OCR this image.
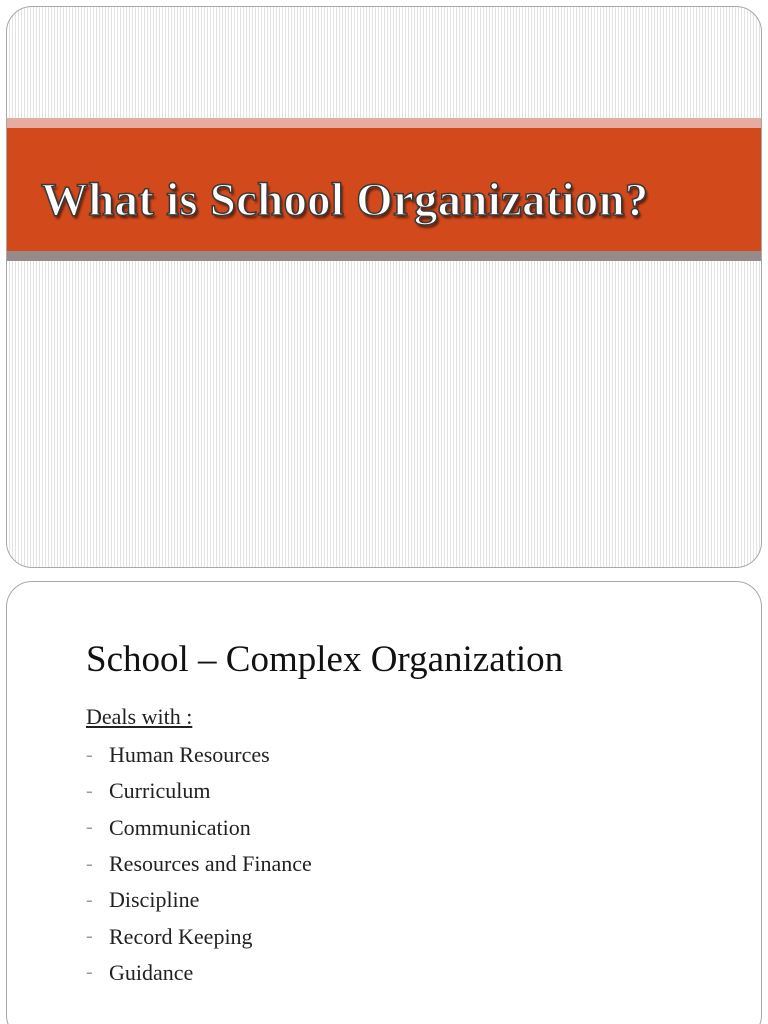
What is School Organization?
School – Complex Organization

Deals with :

- Human Resources
- Curriculum
- Communication
- Resources and Finance
- Discipline
- Record Keeping
- Guidance
